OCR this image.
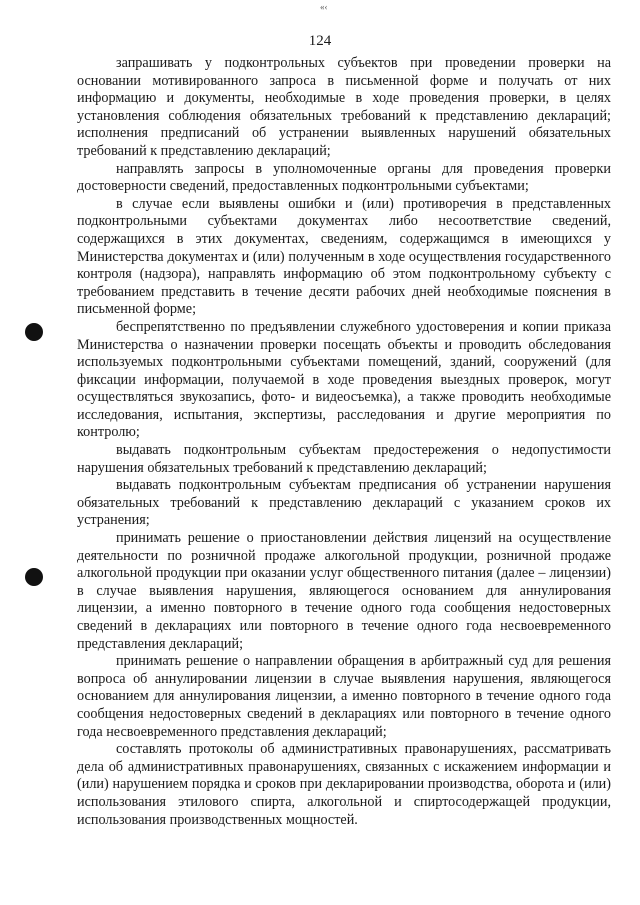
«‹
124

запрашивать у подконтрольных субъектов при проведении проверки на основании мотивированного запроса в письменной форме и получать от них информацию и документы, необходимые в ходе проведения проверки, в целях установления соблюдения обязательных требований к представлению деклараций; исполнения предписаний об устранении выявленных нарушений обязательных требований к представлению деклараций;

направлять запросы в уполномоченные органы для проведения проверки достоверности сведений, предоставленных подконтрольными субъектами;

в случае если выявлены ошибки и (или) противоречия в представленных подконтрольными субъектами документах либо несоответствие сведений, содержащихся в этих документах, сведениям, содержащимся в имеющихся у Министерства документах и (или) полученным в ходе осуществления государственного контроля (надзора), направлять информацию об этом подконтрольному субъекту с требованием представить в течение десяти рабочих дней необходимые пояснения в письменной форме;

беспрепятственно по предъявлении служебного удостоверения и копии приказа Министерства о назначении проверки посещать объекты и проводить обследования используемых подконтрольными субъектами помещений, зданий, сооружений (для фиксации информации, получаемой в ходе проведения выездных проверок, могут осуществляться звукозапись, фото- и видеосъемка), а также проводить необходимые исследования, испытания, экспертизы, расследования и другие мероприятия по контролю;

выдавать подконтрольным субъектам предостережения о недопустимости нарушения обязательных требований к представлению деклараций;

выдавать подконтрольным субъектам предписания об устранении нарушения обязательных требований к представлению деклараций с указанием сроков их устранения;

принимать решение о приостановлении действия лицензий на осуществление деятельности по розничной продаже алкогольной продукции, розничной продаже алкогольной продукции при оказании услуг общественного питания (далее – лицензии) в случае выявления нарушения, являющегося основанием для аннулирования лицензии, а именно повторного в течение одного года сообщения недостоверных сведений в декларациях или повторного в течение одного года несвоевременного представления деклараций;

принимать решение о направлении обращения в арбитражный суд для решения вопроса об аннулировании лицензии в случае выявления нарушения, являющегося основанием для аннулирования лицензии, а именно повторного в течение одного года сообщения недостоверных сведений в декларациях или повторного в течение одного года несвоевременного представления деклараций;

составлять протоколы об административных правонарушениях, рассматривать дела об административных правонарушениях, связанных с искажением информации и (или) нарушением порядка и сроков при декларировании производства, оборота и (или) использования этилового спирта, алкогольной и спиртосодержащей продукции, использования производственных мощностей.
